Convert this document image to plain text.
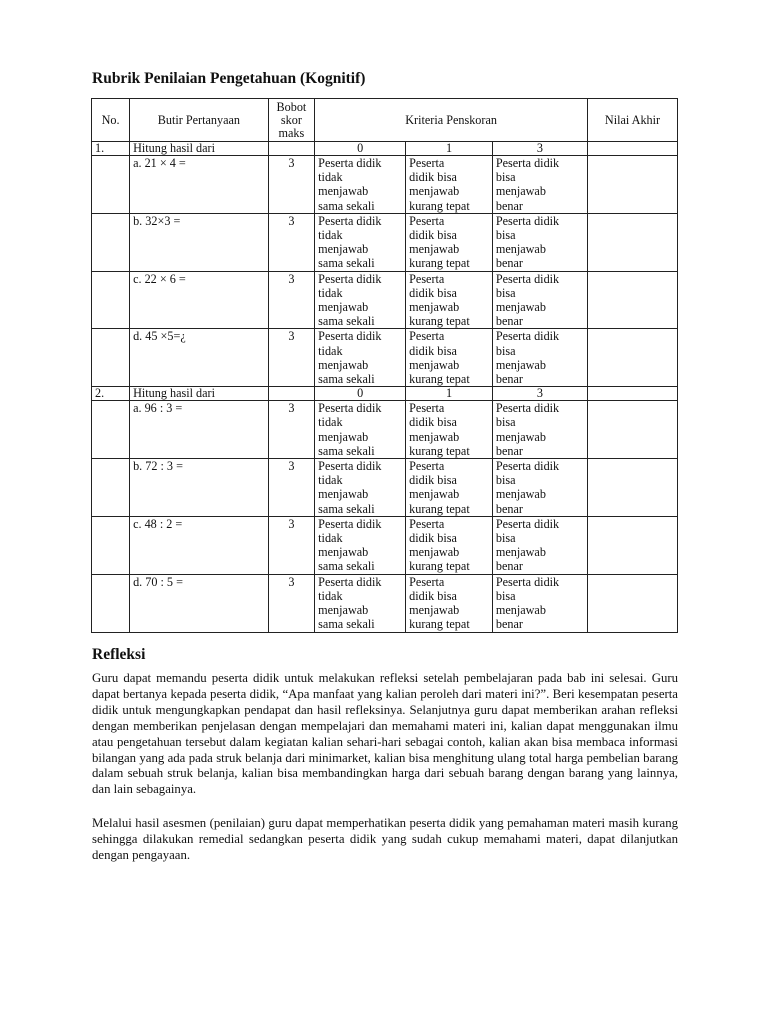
Rubrik Penilaian Pengetahuan (Kognitif)
No.	Butir Pertanyaan	Bobot skor maks	Kriteria Penskoran			Nilai Akhir
1.	Hitung hasil dari		0	1	3	
	a. 21 × 4 =	3	Peserta didik
tidak
menjawab
sama sekali	Peserta
didik bisa
menjawab
kurang tepat	Peserta didik
bisa
menjawab
benar	

	b. 32×3 =	3	Peserta didik
tidak
menjawab
sama sekali	Peserta
didik bisa
menjawab
kurang tepat	Peserta didik
bisa
menjawab
benar	

	c. 22 × 6 =	3	Peserta didik
tidak
menjawab
sama sekali	Peserta
didik bisa
menjawab
kurang tepat	Peserta didik
bisa
menjawab
benar	

	d. 45 ×5=¿	3	Peserta didik
tidak
menjawab
sama sekali	Peserta
didik bisa
menjawab
kurang tepat	Peserta didik
bisa
menjawab
benar	

2.	Hitung hasil dari		0	1	3	
	a. 96 : 3 =	3	Peserta didik
tidak
menjawab
sama sekali	Peserta
didik bisa
menjawab
kurang tepat	Peserta didik
bisa
menjawab
benar	

	b. 72 : 3 =	3	Peserta didik
tidak
menjawab
sama sekali	Peserta
didik bisa
menjawab
kurang tepat	Peserta didik
bisa
menjawab
benar	

	c. 48 : 2 =	3	Peserta didik
tidak
menjawab
sama sekali	Peserta
didik bisa
menjawab
kurang tepat	Peserta didik
bisa
menjawab
benar	

	d. 70 : 5 =	3	Peserta didik
tidak
menjawab
sama sekali	Peserta
didik bisa
menjawab
kurang tepat	Peserta didik
bisa
menjawab
benar	

Refleksi

Guru dapat memandu peserta didik untuk melakukan refleksi setelah pembelajaran pada bab ini selesai. Guru dapat bertanya kepada peserta didik, “Apa manfaat yang kalian peroleh dari materi ini?”. Beri kesempatan peserta didik untuk mengungkapkan pendapat dan hasil refleksinya. Selanjutnya guru dapat memberikan arahan refleksi dengan memberikan penjelasan dengan mempelajari dan memahami materi ini, kalian dapat menggunakan ilmu atau pengetahuan tersebut dalam kegiatan kalian sehari-hari sebagai contoh, kalian akan bisa membaca informasi bilangan yang ada pada struk belanja dari minimarket, kalian bisa menghitung ulang total harga pembelian barang dalam sebuah struk belanja, kalian bisa membandingkan harga dari sebuah barang dengan barang yang lainnya, dan lain sebagainya.

Melalui hasil asesmen (penilaian) guru dapat memperhatikan peserta didik yang pemahaman materi masih kurang sehingga dilakukan remedial sedangkan peserta didik yang sudah cukup memahami materi, dapat dilanjutkan dengan pengayaan.
